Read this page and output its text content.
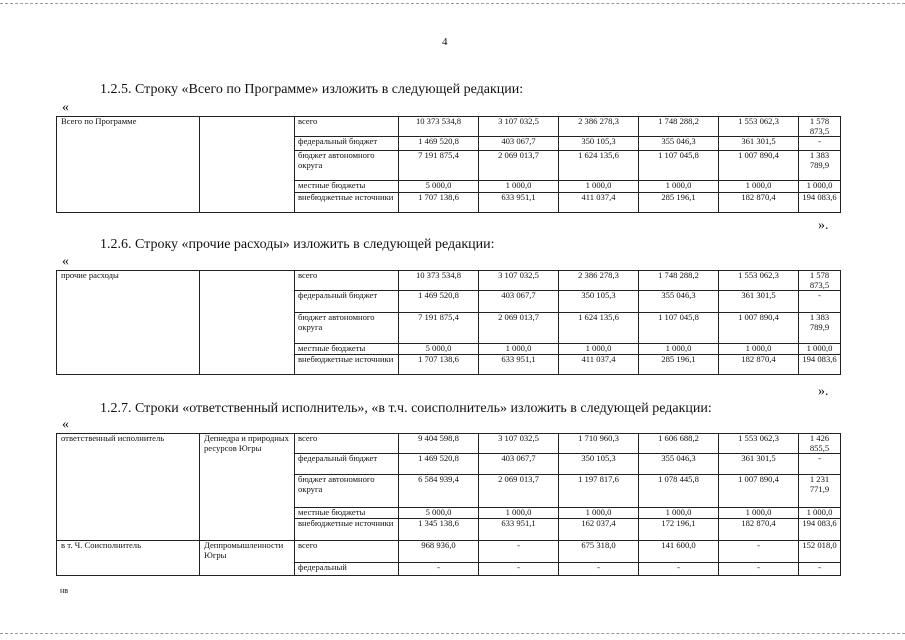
4
1.2.5. Строку «Всего по Программе» изложить в следующей редакции:
«
Всего по Программе		всего	10 373 534,8	3 107 032,5	2 386 278,3	1 748 288,2	1 553 062,3	1 578 873,5	
		федеральный бюджет	1 469 520,8	403 067,7	350 105,3	355 046,3	361 301,5	-	
		бюджет автономного округа	7 191 875,4	2 069 013,7	1 624 135,6	1 107 045,8	1 007 890,4	1 383 789,9	
		местные бюджеты	5 000,0	1 000,0	1 000,0	1 000,0	1 000,0	1 000,0	
		внебюджетные источники	1 707 138,6	633 951,1	411 037,4	285 196,1	182 870,4	194 083,6	
».
1.2.6. Строку «прочие расходы» изложить в следующей редакции:
«
прочие расходы		всего	10 373 534,8	3 107 032,5	2 386 278,3	1 748 288,2	1 553 062,3	1 578 873,5	
		федеральный бюджет	1 469 520,8	403 067,7	350 105,3	355 046,3	361 301,5	-	
		бюджет автономного округа	7 191 875,4	2 069 013,7	1 624 135,6	1 107 045,8	1 007 890,4	1 383 789,9	
		местные бюджеты	5 000,0	1 000,0	1 000,0	1 000,0	1 000,0	1 000,0	
		внебюджетные источники	1 707 138,6	633 951,1	411 037,4	285 196,1	182 870,4	194 083,6	
».
1.2.7. Строки «ответственный исполнитель», «в т.ч. соисполнитель» изложить в следующей редакции:
«
ответственный исполнитель	Депнедра и природных ресурсов Югры	всего	9 404 598,8	3 107 032,5	1 710 960,3	1 606 688,2	1 553 062,3	1 426 855,5	
		федеральный бюджет	1 469 520,8	403 067,7	350 105,3	355 046,3	361 301,5	-	
		бюджет автономного округа	6 584 939,4	2 069 013,7	1 197 817,6	1 078 445,8	1 007 890,4	1 231 771,9	
		местные бюджеты	5 000,0	1 000,0	1 000,0	1 000,0	1 000,0	1 000,0	
		внебюджетные источники	1 345 138,6	633 951,1	162 037,4	172 196,1	182 870,4	194 083,6	
в т. Ч. Соисполнитель	Деппромышленности Югры	всего	968 936,0	-	675 318,0	141 600,0	-	152 018,0	
		федеральный	-	-	-	-	-	-	
нв
